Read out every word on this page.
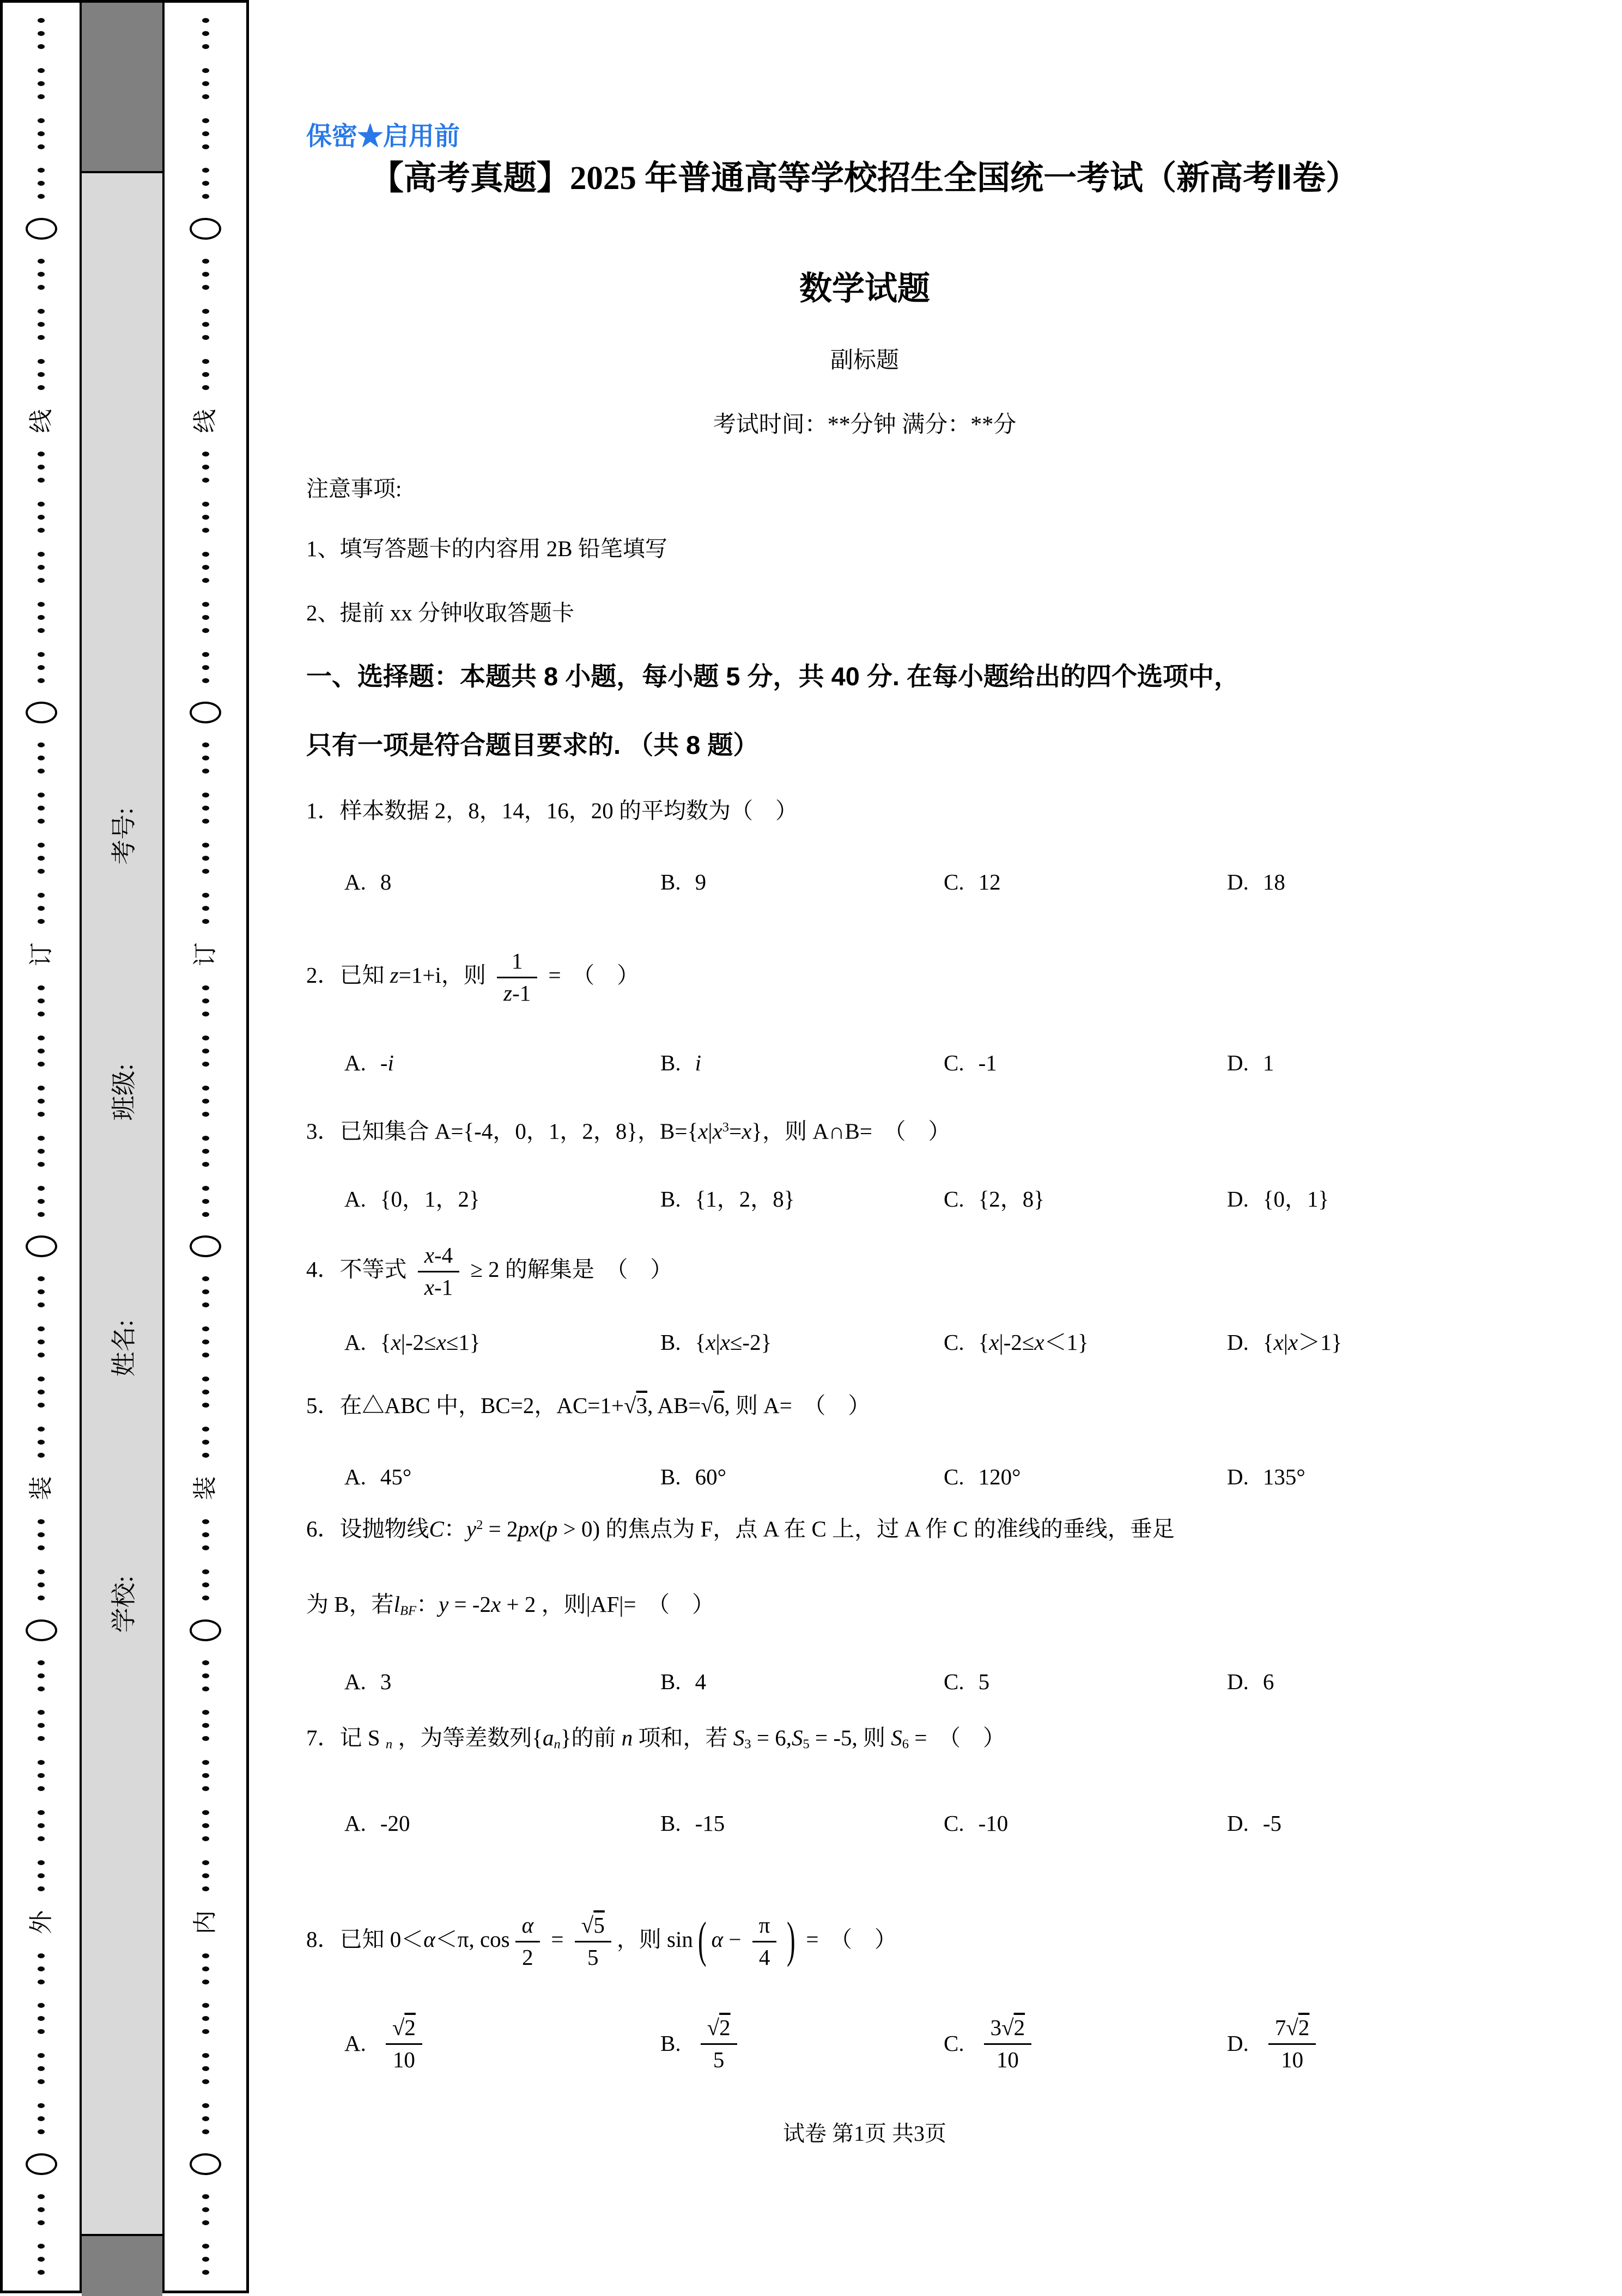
线
订
装
外
考号:
班级:
姓名:
学校:
线
订
装
内
保密★启用前
【高考真题】2025 年普通高等学校招生全国统一考试（新高考Ⅱ卷）
数学试题
副标题
考试时间：**分钟 满分：**分
注意事项:
1、填写答题卡的内容用 2B 铅笔填写
2、提前 xx 分钟收取答题卡
一、选择题：本题共 8 小题，每小题 5 分，共 40 分. 在每小题给出的四个选项中，
只有一项是符合题目要求的. （共 8 题）
1．样本数据 2，8，14，16，20 的平均数为（　）
A. 8	B. 9	C. 12	D. 18
2．已知 z=1+i，则 $\frac{1}{z-1}$ =　（　）
A. -i	B. i	C. -1	D. 1
3．已知集合 A={-4，0，1，2，8}，$B=\{x|x^3=x\}$，则 A∩B=　（　）
A. {0，1，2}	B. {1，2，8}	C. {2，8}	D. {0，1}
4．不等式 $\frac{x-4}{x-1} \ge 2$ 的解集是　（　）
A. {x|-2≤x≤1}	B. {x|x≤-2}	C. {x|-2≤x＜1}	D. {x|x＞1}
5．在△ABC 中，BC=2，AC=1+√3, AB=√6, 则 A=　（　）
A. 45°	B. 60°	C. 120°	D. 135°
6．设抛物线C：$y^2 = 2px(p > 0)$ 的焦点为 F，点 A 在 C 上，过 A 作 C 的准线的垂线，垂足
为 B，若$l_{BF}$：y = -2x + 2 ，则|AF|=　（　）
A. 3	B. 4	C. 5	D. 6
7．记 S $_n$ ，为等差数列$\{a_n\}$的前 n 项和，若 $S_3 = 6,S_5 = -5$, 则 $S_6$ =　（　）
A. -20	B. -15	C. -10	D. -5
8．已知 0＜α＜π, $\cos \frac{\alpha}{2} = \frac{√5}{5}$ ，则 sin ( $\alpha - \frac{\pi}{4}$ ) =　（　）
A. $\frac{√2}{10}$	B. $\frac{√2}{5}$	C. $\frac{3√2}{10}$	D. $\frac{7√2}{10}$
试卷 第1页 共3页
